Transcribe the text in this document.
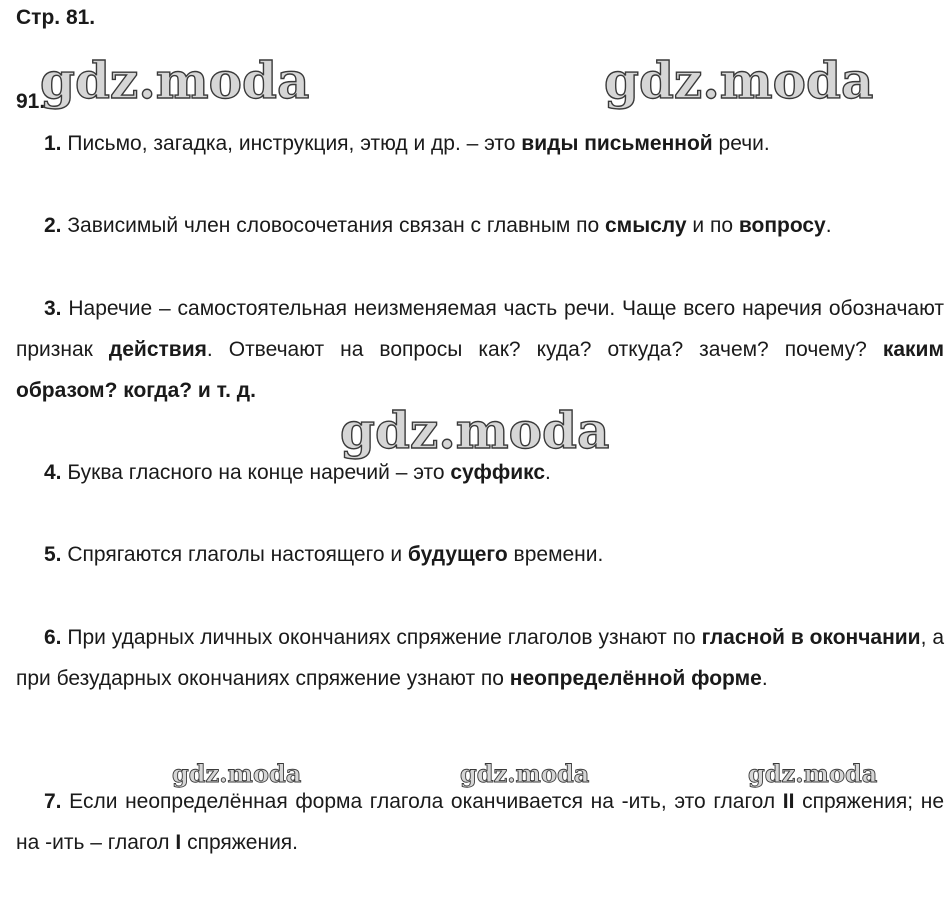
Стр. 81.
91.
gdz.moda	gdz.moda
gdz.moda
gdz.moda	gdz.moda	gdz.moda
1. Письмо, загадка, инструкция, этюд и др. – это виды письменной речи.
2. Зависимый член словосочетания связан с главным по смыслу и по вопросу.
3. Наречие – самостоятельная неизменяемая часть речи. Чаще всего наречия обозначают признак действия. Отвечают на вопросы как? куда? откуда? зачем? почему? каким образом? когда? и т. д.
4. Буква гласного на конце наречий – это суффикс.
5. Спрягаются глаголы настоящего и будущего времени.
6. При ударных личных окончаниях спряжение глаголов узнают по гласной в окончании, а при безударных окончаниях спряжение узнают по неопределённой форме.
7. Если неопределённая форма глагола оканчивается на -ить, это глагол II спряжения; не на -ить – глагол I спряжения.
